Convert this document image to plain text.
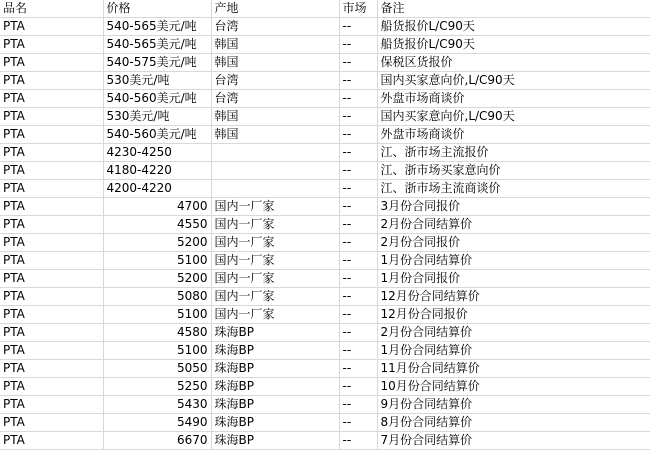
品名	价格	产地	市场	备注
PTA	540-565美元/吨	台湾	--	船货报价L/C90天
PTA	540-565美元/吨	韩国	--	船货报价L/C90天
PTA	540-575美元/吨	韩国	--	保税区货报价
PTA	530美元/吨	台湾	--	国内买家意向价,L/C90天
PTA	540-560美元/吨	台湾	--	外盘市场商谈价
PTA	530美元/吨	韩国	--	国内买家意向价,L/C90天
PTA	540-560美元/吨	韩国	--	外盘市场商谈价
PTA	4230-4250		--	江、浙市场主流报价
PTA	4180-4220		--	江、浙市场买家意向价
PTA	4200-4220		--	江、浙市场主流商谈价
PTA	4700	国内一厂家	--	3月份合同报价
PTA	4550	国内一厂家	--	2月份合同结算价
PTA	5200	国内一厂家	--	2月份合同报价
PTA	5100	国内一厂家	--	1月份合同结算价
PTA	5200	国内一厂家	--	1月份合同报价
PTA	5080	国内一厂家	--	12月份合同结算价
PTA	5100	国内一厂家	--	12月份合同报价
PTA	4580	珠海BP	--	2月份合同结算价
PTA	5100	珠海BP	--	1月份合同结算价
PTA	5050	珠海BP	--	11月份合同结算价
PTA	5250	珠海BP	--	10月份合同结算价
PTA	5430	珠海BP	--	9月份合同结算价
PTA	5490	珠海BP	--	8月份合同结算价
PTA	6670	珠海BP	--	7月份合同结算价
